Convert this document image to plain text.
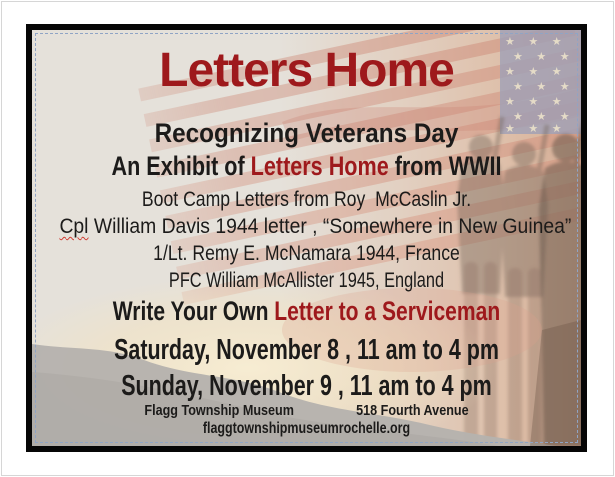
★ ★ ★
★ ★ ★
★ ★ ★
★ ★ ★
★ ★ ★
★ ★ ★
★ ★ ★
Letters Home
Recognizing Veterans Day
An Exhibit of Letters Home from WWII
Boot Camp Letters from Roy  McCaslin Jr.
Cpl William Davis 1944 letter , “Somewhere in New Guinea”
1/Lt. Remy E. McNamara 1944, France
PFC William McAllister 1945, England
Write Your Own Letter to a Serviceman
Saturday, November 8 , 11 am to 4 pm
Sunday, November 9 , 11 am to 4 pm
Flagg Township Museum	518 Fourth Avenue
flaggtownshipmuseumrochelle.org
